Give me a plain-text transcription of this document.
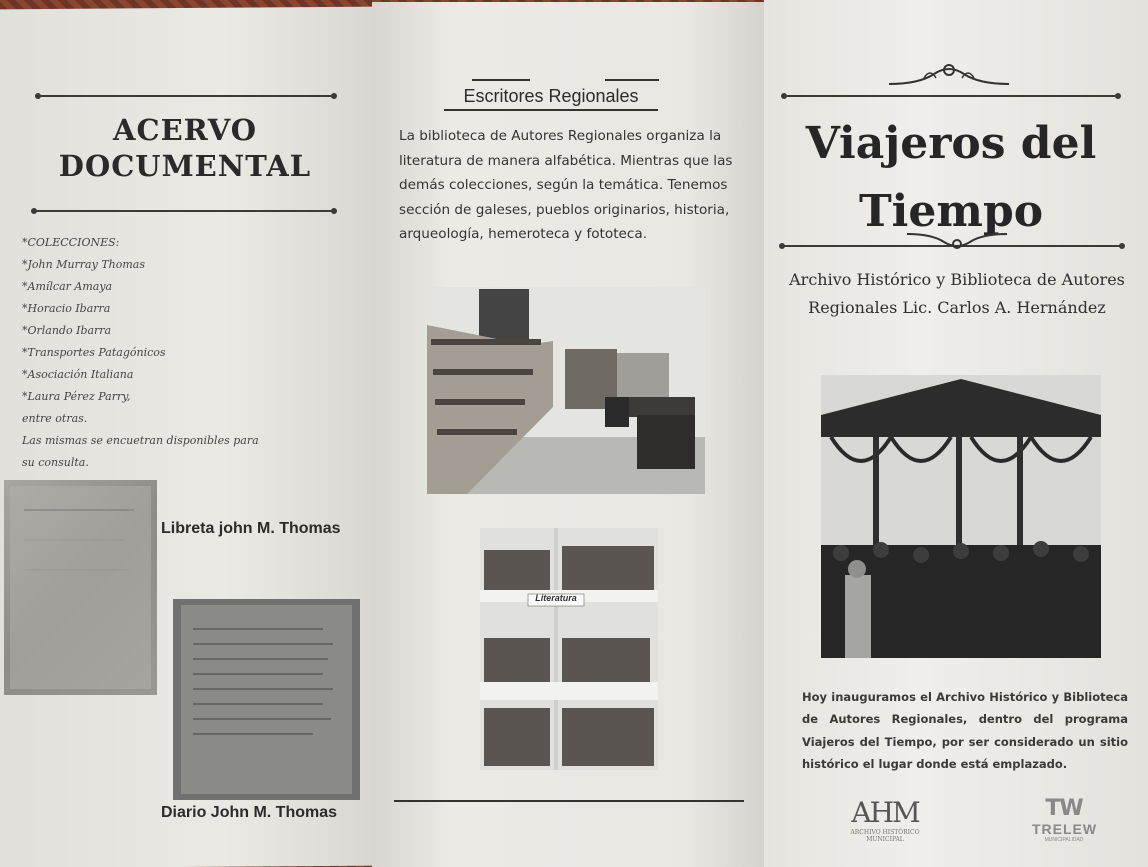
ACERVO
DOCUMENTAL
*COLECCIONES:
*John Murray Thomas
*Amílcar Amaya
*Horacio Ibarra
*Orlando Ibarra
*Transportes Patagónicos
*Asociación Italiana
*Laura Pérez Parry,
entre otras.
Las mismas se encuetran disponibles para
su consulta.
Libreta john M. Thomas
Diario John M. Thomas
Escritores Regionales
La biblioteca de Autores Regionales organiza la literatura de manera alfabética. Mientras que las demás colecciones, según la temática. Tenemos sección de galeses, pueblos originarios, historia, arqueología, hemeroteca y fototeca.
Literatura
Viajeros del
Tiempo
Archivo Histórico y Biblioteca de Autores Regionales Lic. Carlos A. Hernández
Hoy inauguramos el Archivo Histórico y Biblioteca de Autores Regionales, dentro del programa Viajeros del Tiempo, por ser considerado un sitio histórico el lugar donde está emplazado.
AHM
ARCHIVO HISTÓRICO MUNICIPAL
TW
TRELEW
MUNICIPALIDAD
